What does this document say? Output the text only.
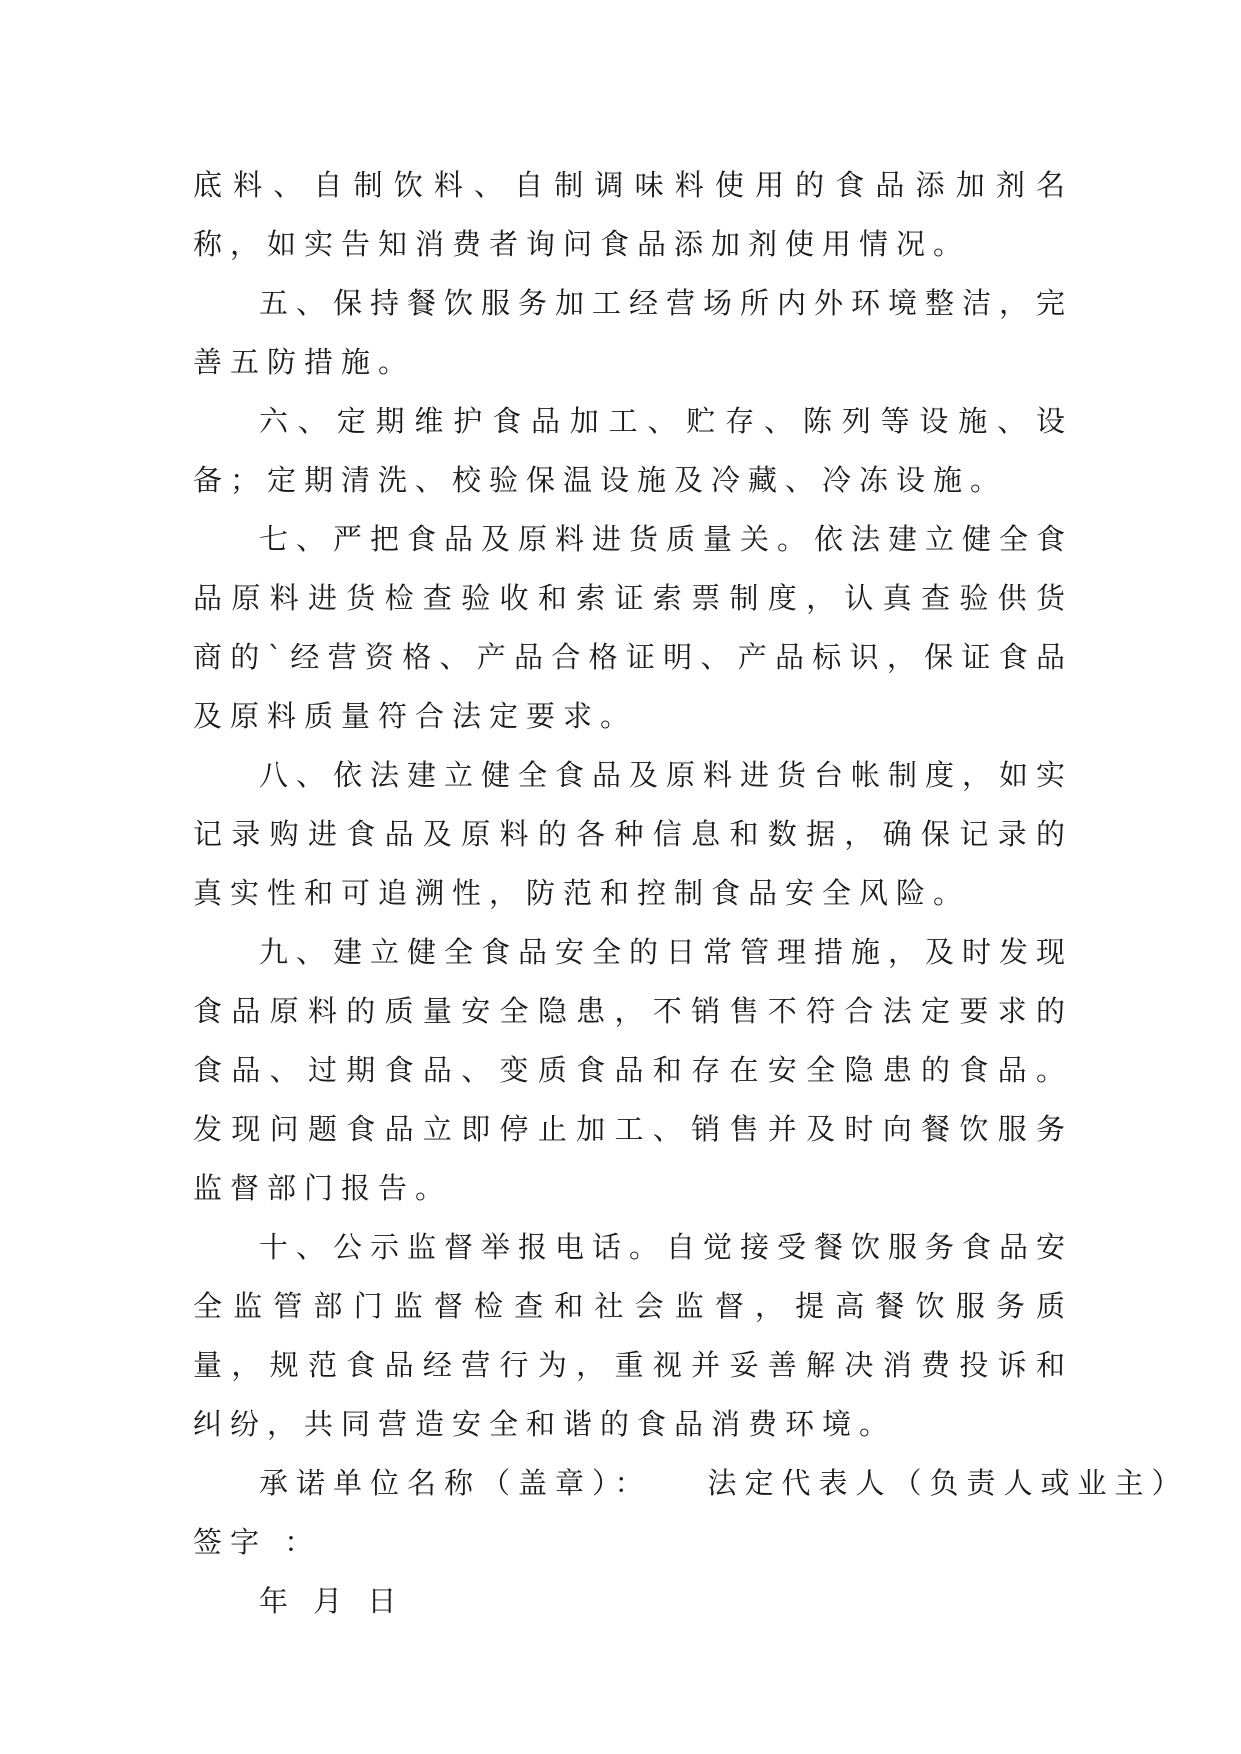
底料、自制饮料、自制调味料使用的食品添加剂名称，如实告知消费者询问食品添加剂使用情况。

五、保持餐饮服务加工经营场所内外环境整洁，完善五防措施。

六、定期维护食品加工、贮存、陈列等设施、设备；定期清洗、校验保温设施及冷藏、冷冻设施。

七、严把食品及原料进货质量关。依法建立健全食品原料进货检查验收和索证索票制度，认真查验供货商的`经营资格、产品合格证明、产品标识，保证食品及原料质量符合法定要求。

八、依法建立健全食品及原料进货台帐制度，如实记录购进食品及原料的各种信息和数据，确保记录的真实性和可追溯性，防范和控制食品安全风险。

九、建立健全食品安全的日常管理措施，及时发现食品原料的质量安全隐患，不销售不符合法定要求的食品、过期食品、变质食品和存在安全隐患的食品。发现问题食品立即停止加工、销售并及时向餐饮服务监督部门报告。

十、公示监督举报电话。自觉接受餐饮服务食品安全监管部门监督检查和社会监督，提高餐饮服务质量，规范食品经营行为，重视并妥善解决消费投诉和纠纷，共同营造安全和谐的食品消费环境。

承诺单位名称（盖章）： 法定代表人（负责人或业主）

签字 ：

年 月 日
